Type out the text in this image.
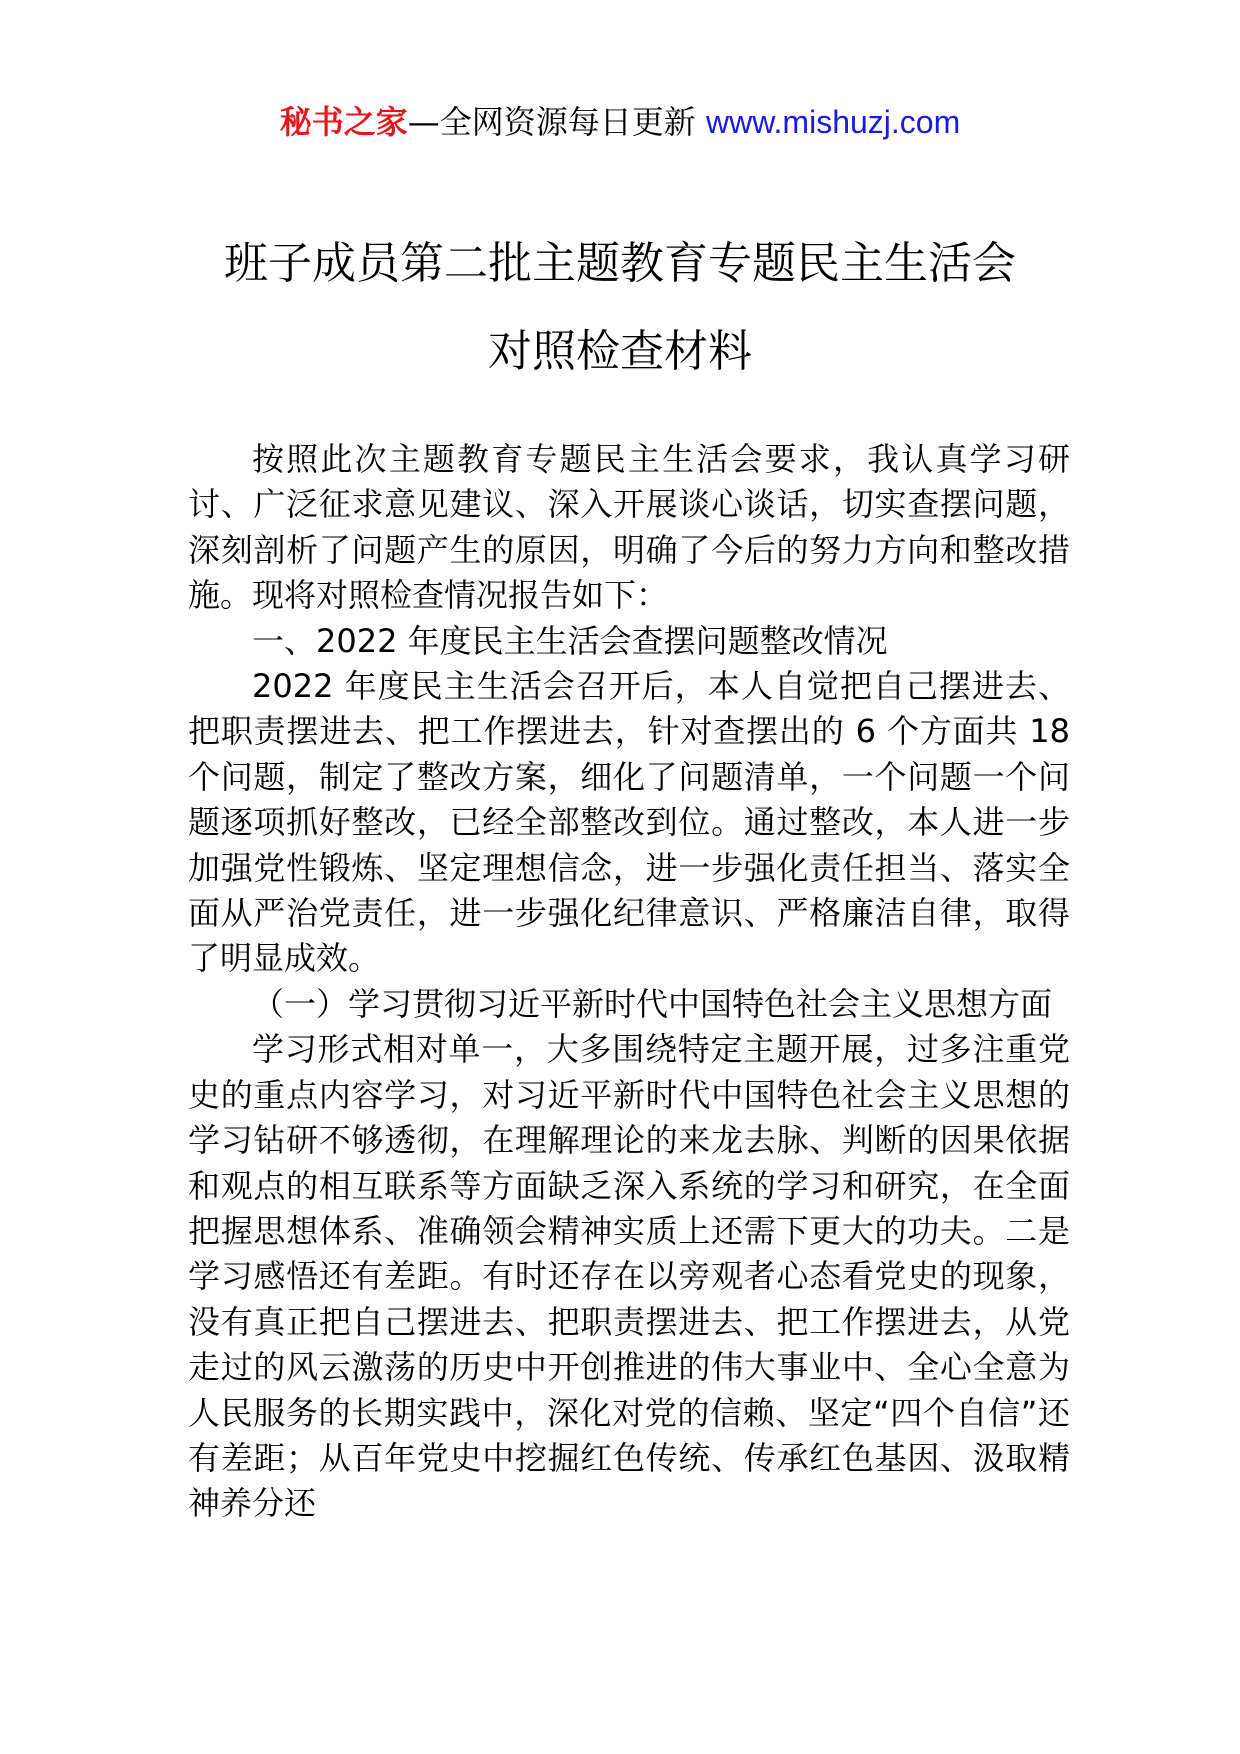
秘书之家—全网资源每日更新 www.mishuzj.com
班子成员第二批主题教育专题民主生活会
对照检查材料

按照此次主题教育专题民主生活会要求，我认真学习研讨、广泛征求意见建议、深入开展谈心谈话，切实查摆问题，深刻剖析了问题产生的原因，明确了今后的努力方向和整改措施。现将对照检查情况报告如下：

一、2022 年度民主生活会查摆问题整改情况

2022 年度民主生活会召开后，本人自觉把自己摆进去、把职责摆进去、把工作摆进去，针对查摆出的 6 个方面共 18 个问题，制定了整改方案，细化了问题清单，一个问题一个问题逐项抓好整改，已经全部整改到位。通过整改，本人进一步加强党性锻炼、坚定理想信念，进一步强化责任担当、落实全面从严治党责任，进一步强化纪律意识、严格廉洁自律，取得了明显成效。

（一）学习贯彻习近平新时代中国特色社会主义思想方面

学习形式相对单一，大多围绕特定主题开展，过多注重党史的重点内容学习，对习近平新时代中国特色社会主义思想的学习钻研不够透彻，在理解理论的来龙去脉、判断的因果依据和观点的相互联系等方面缺乏深入系统的学习和研究，在全面把握思想体系、准确领会精神实质上还需下更大的功夫。二是学习感悟还有差距。有时还存在以旁观者心态看党史的现象，没有真正把自己摆进去、把职责摆进去、把工作摆进去，从党走过的风云激荡的历史中开创推进的伟大事业中、全心全意为人民服务的长期实践中，深化对党的信赖、坚定“四个自信”还有差距；从百年党史中挖掘红色传统、传承红色基因、汲取精神养分还
